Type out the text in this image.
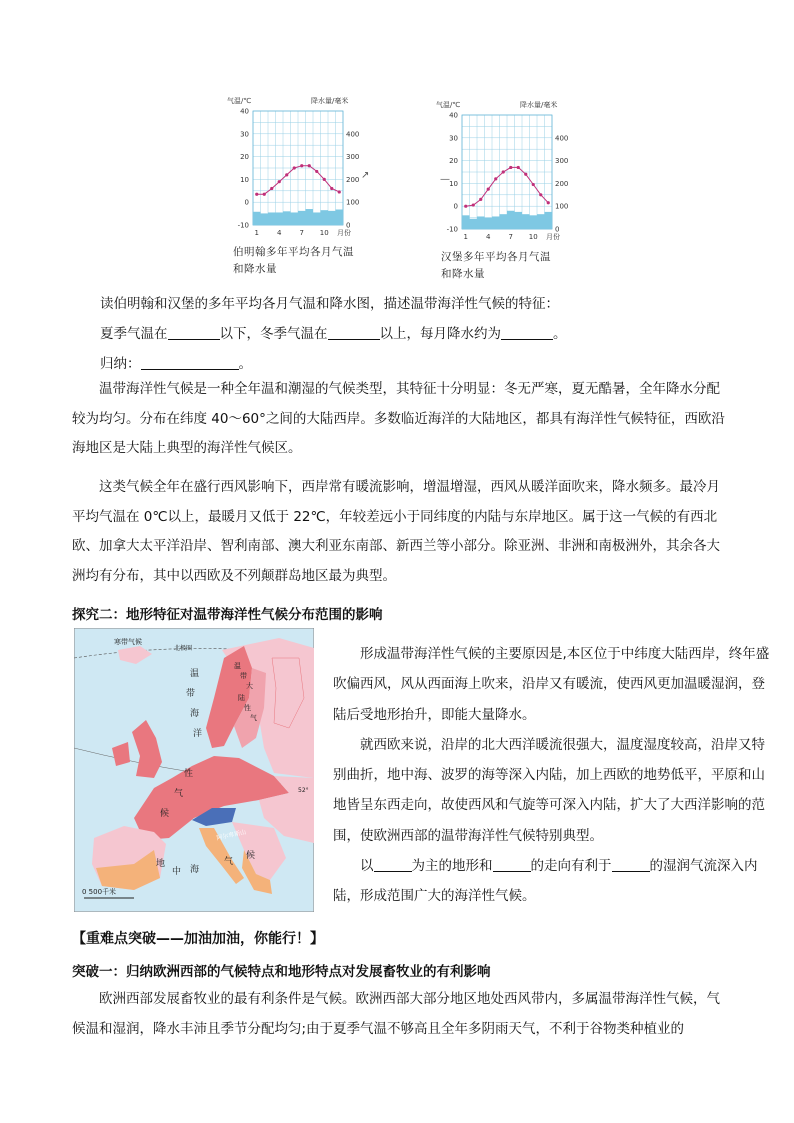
气温/℃	降水量/毫米
40
30
20
10
0
-10
400
300
200
100
0
1	4	7 10 月份
气温/℃	降水量/毫米
40
30
20
10
0
-10
400
300
200
100
0
1	4	7 10 月份
↗	—
伯明翰多年平均各月气温
和降水量
汉堡多年平均各月气温
和降水量
读伯明翰和汉堡的多年平均各月气温和降水图，描述温带海洋性气候的特征：
夏季气温在	以下，冬季气温在	以上，每月降水约为	。
归纳：	。
温带海洋性气候是一种全年温和潮湿的气候类型，其特征十分明显：冬无严寒，夏无酷暑，全年降水分配较为均匀。分布在纬度 40～60°之间的大陆西岸。多数临近海洋的大陆地区，都具有海洋性气候特征，西欧沿海地区是大陆上典型的海洋性气候区。
这类气候全年在盛行西风影响下，西岸常有暖流影响，增温增湿，西风从暖洋面吹来，降水频多。最冷月平均气温在 0℃以上，最暖月又低于 22℃，年较差远小于同纬度的内陆与东岸地区。属于这一气候的有西北欧、加拿大太平洋沿岸、智利南部、澳大利亚东南部、新西兰等小部分。除亚洲、非洲和南极洲外，其余各大洲均有分布，其中以西欧及不列颠群岛地区最为典型。
探究二：地形特征对温带海洋性气候分布范围的影响
寒带气候
北极圈
52°
阿尔卑斯山
温
带
海
洋
性
气
候
温
带
大
陆
性
气
地
中 海
气
候
0 500千米

形成温带海洋性气候的主要原因是,本区位于中纬度大陆西岸，终年盛吹偏西风，风从西面海上吹来，沿岸又有暖流，使西风更加温暖湿润，登陆后受地形抬升，即能大量降水。

就西欧来说，沿岸的北大西洋暖流很强大，温度湿度较高，沿岸又特别曲折，地中海、波罗的海等深入内陆，加上西欧的地势低平，平原和山地皆呈东西走向，故使西风和气旋等可深入内陆，扩大了大西洋影响的范围，使欧洲西部的温带海洋性气候特别典型。

以	为主的地形和	的走向有利于	的湿润气流深入内陆，形成范围广大的海洋性气候。

【重难点突破——加油加油，你能行！】
突破一：归纳欧洲西部的气候特点和地形特点对发展畜牧业的有利影响
欧洲西部发展畜牧业的最有利条件是气候。欧洲西部大部分地区地处西风带内，多属温带海洋性气候，气候温和湿润，降水丰沛且季节分配均匀;由于夏季气温不够高且全年多阴雨天气，不利于谷物类种植业的
